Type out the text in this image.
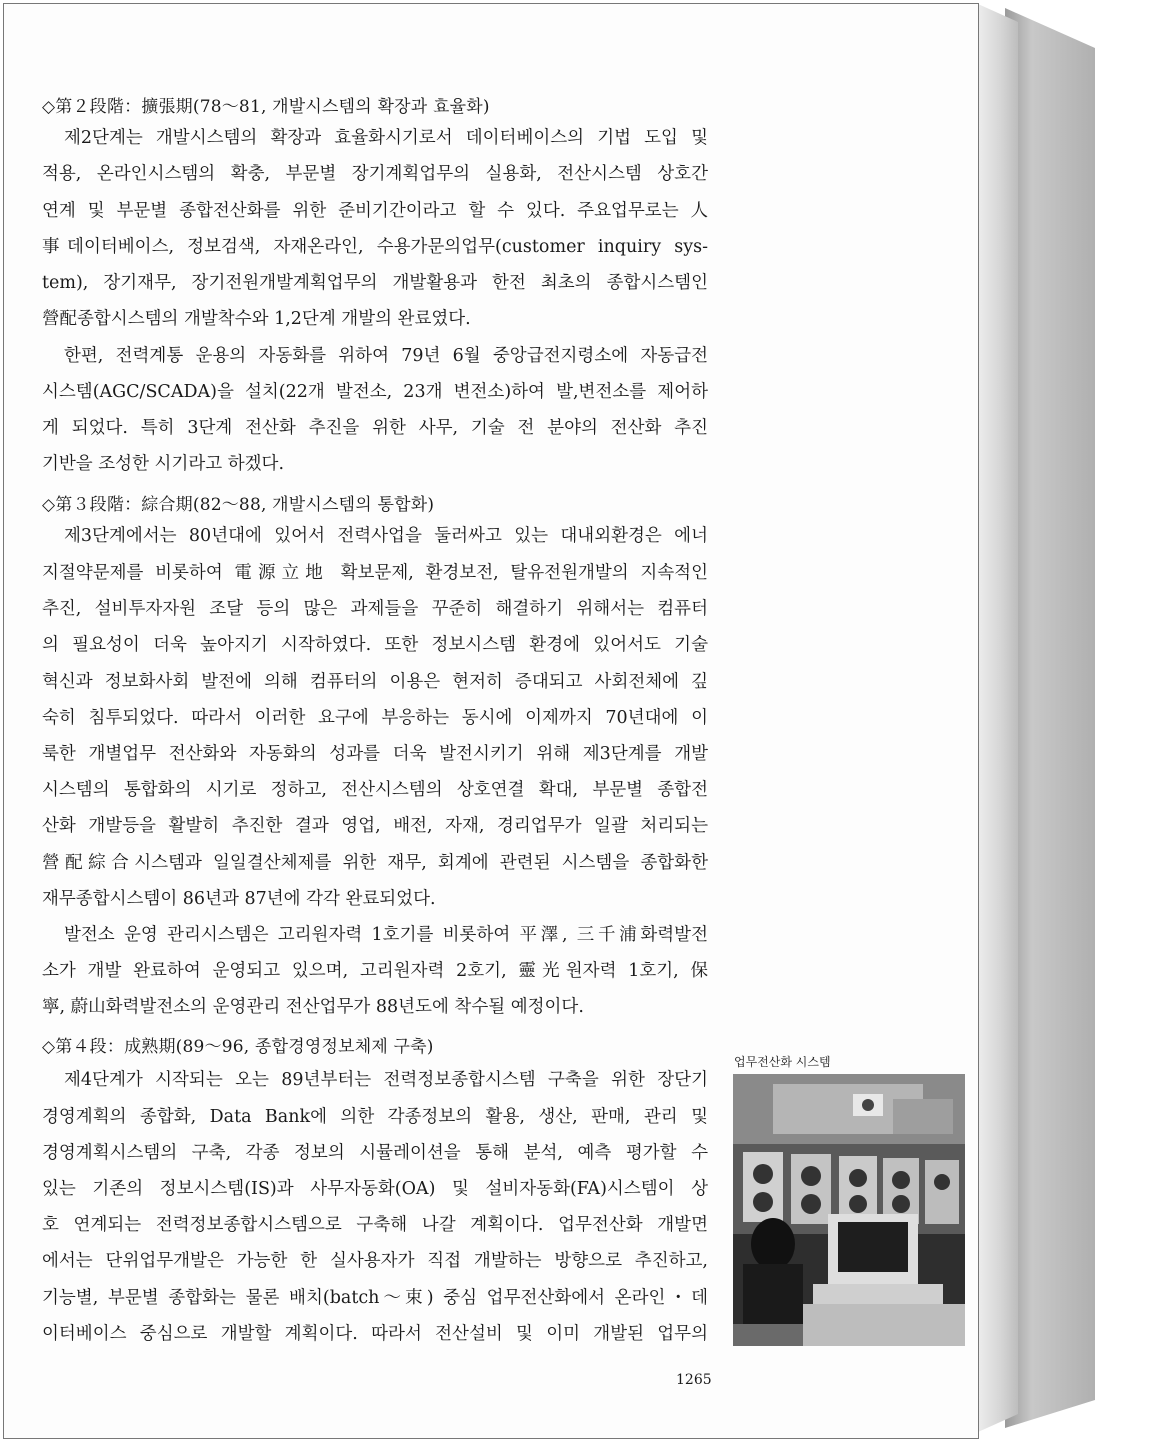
◇第２段階：擴張期(78～81, 개발시스템의 확장과 효율화)
제2단계는 개발시스템의 확장과 효율화시기로서 데이터베이스의 기법 도입 및
적용, 온라인시스템의 확충, 부문별 장기계획업무의 실용화, 전산시스템 상호간
연계 및 부문별 종합전산화를 위한 준비기간이라고 할 수 있다. 주요업무로는 人
事데이터베이스, 정보검색, 자재온라인, 수용가문의업무(customer inquiry sys-
tem), 장기재무, 장기전원개발계획업무의 개발활용과 한전 최초의 종합시스템인
營配종합시스템의 개발착수와 1,2단계 개발의 완료였다.
한편, 전력계통 운용의 자동화를 위하여 79년 6월 중앙급전지령소에 자동급전
시스템(AGC/SCADA)을 설치(22개 발전소, 23개 변전소)하여 발,변전소를 제어하
게 되었다. 특히 3단계 전산화 추진을 위한 사무, 기술 전 분야의 전산화 추진
기반을 조성한 시기라고 하겠다.
◇第３段階：綜合期(82～88, 개발시스템의 통합화)
제3단계에서는 80년대에 있어서 전력사업을 둘러싸고 있는 대내외환경은 에너
지절약문제를 비롯하여 電源立地 확보문제, 환경보전, 탈유전원개발의 지속적인
추진, 설비투자자원 조달 등의 많은 과제들을 꾸준히 해결하기 위해서는 컴퓨터
의 필요성이 더욱 높아지기 시작하였다. 또한 정보시스템 환경에 있어서도 기술
혁신과 정보화사회 발전에 의해 컴퓨터의 이용은 현저히 증대되고 사회전체에 깊
숙히 침투되었다. 따라서 이러한 요구에 부응하는 동시에 이제까지 70년대에 이
룩한 개별업무 전산화와 자동화의 성과를 더욱 발전시키기 위해 제3단계를 개발
시스템의 통합화의 시기로 정하고, 전산시스템의 상호연결 확대, 부문별 종합전
산화 개발등을 활발히 추진한 결과 영업, 배전, 자재, 경리업무가 일괄 처리되는
營配綜合시스템과 일일결산체제를 위한 재무, 회계에 관련된 시스템을 종합화한
재무종합시스템이 86년과 87년에 각각 완료되었다.
발전소 운영 관리시스템은 고리원자력 1호기를 비롯하여 平澤, 三千浦화력발전
소가 개발 완료하여 운영되고 있으며, 고리원자력 2호기, 靈光원자력 1호기, 保
寧, 蔚山화력발전소의 운영관리 전산업무가 88년도에 착수될 예정이다.
◇第４段：成熟期(89～96, 종합경영정보체제 구축)
제4단계가 시작되는 오는 89년부터는 전력정보종합시스템 구축을 위한 장단기
경영계획의 종합화, Data Bank에 의한 각종정보의 활용, 생산, 판매, 관리 및
경영계획시스템의 구축, 각종 정보의 시뮬레이션을 통해 분석, 예측 평가할 수
있는 기존의 정보시스템(IS)과 사무자동화(OA) 및 설비자동화(FA)시스템이 상
호 연계되는 전력정보종합시스템으로 구축해 나갈 계획이다. 업무전산화 개발면
에서는 단위업무개발은 가능한 한 실사용자가 직접 개발하는 방향으로 추진하고,
기능별, 부문별 종합화는 물론 배치(batch～束) 중심 업무전산화에서 온라인・데
이터베이스 중심으로 개발할 계획이다. 따라서 전산설비 및 이미 개발된 업무의
업무전산화 시스템
1265
